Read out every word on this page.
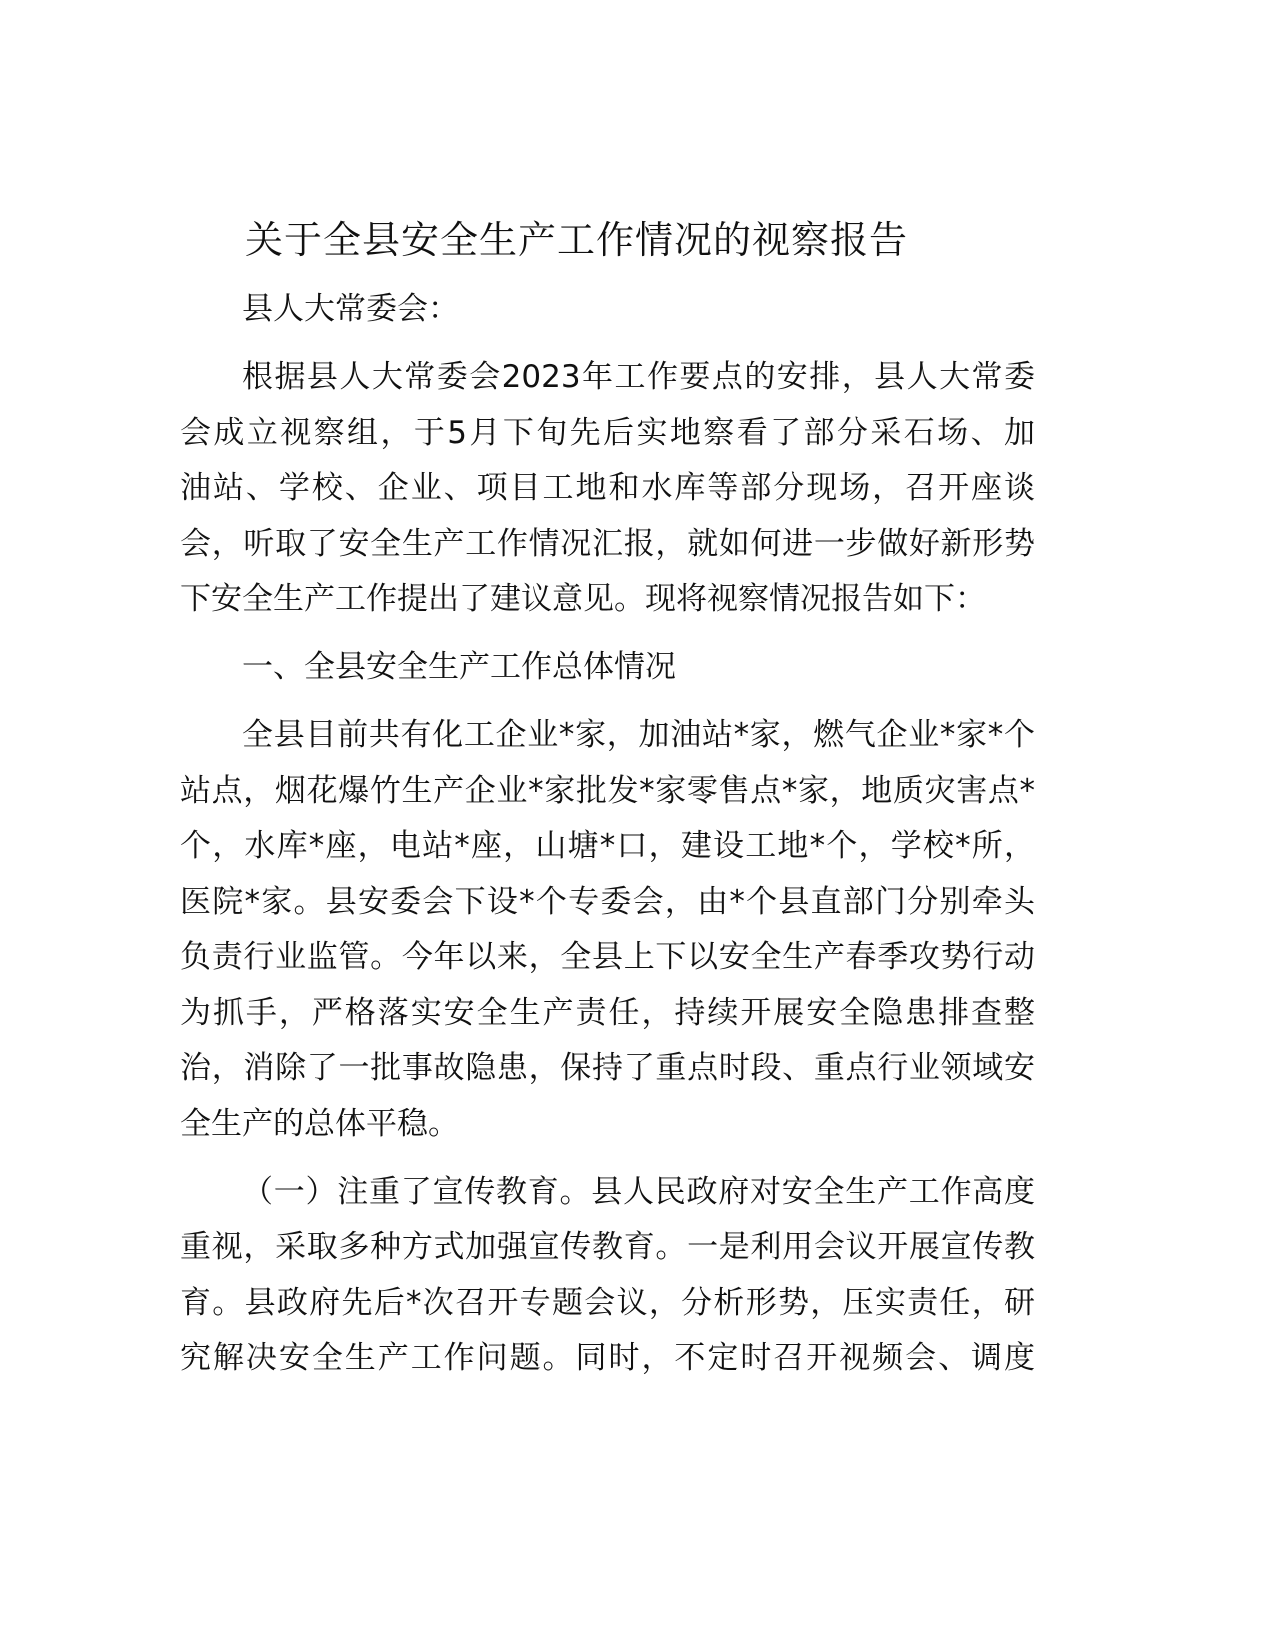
关于全县安全生产工作情况的视察报告
县人大常委会：
根据县人大常委会2023年工作要点的安排，县人大常委
会成立视察组，于5月下旬先后实地察看了部分采石场、加
油站、学校、企业、项目工地和水库等部分现场，召开座谈
会，听取了安全生产工作情况汇报，就如何进一步做好新形势
下安全生产工作提出了建议意见。现将视察情况报告如下：
一、全县安全生产工作总体情况
全县目前共有化工企业*家，加油站*家，燃气企业*家*个
站点，烟花爆竹生产企业*家批发*家零售点*家，地质灾害点*
个，水库*座，电站*座，山塘*口，建设工地*个，学校*所，
医院*家。县安委会下设*个专委会，由*个县直部门分别牵头
负责行业监管。今年以来，全县上下以安全生产春季攻势行动
为抓手，严格落实安全生产责任，持续开展安全隐患排查整
治，消除了一批事故隐患，保持了重点时段、重点行业领域安
全生产的总体平稳。
（一）注重了宣传教育。县人民政府对安全生产工作高度
重视，采取多种方式加强宣传教育。一是利用会议开展宣传教
育。县政府先后*次召开专题会议，分析形势，压实责任，研
究解决安全生产工作问题。同时，不定时召开视频会、调度
